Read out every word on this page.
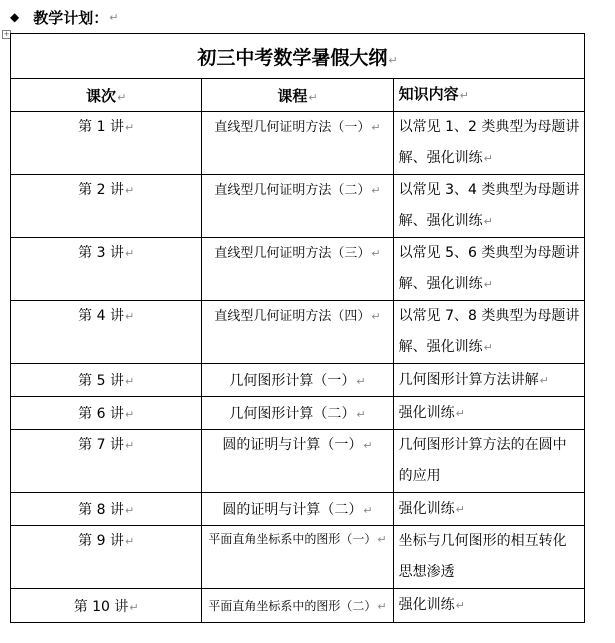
◆ 教学计划： ↵
+
初三中考数学暑假大纲↵		
课次↵	课程↵	知识内容↵
第 1 讲↵	直线型几何证明方法（一）↵	以常见 1、2 类典型为母题讲解、强化训练↵
第 2 讲↵	直线型几何证明方法（二）↵	以常见 3、4 类典型为母题讲解、强化训练↵
第 3 讲↵	直线型几何证明方法（三）↵	以常见 5、6 类典型为母题讲解、强化训练↵
第 4 讲↵	直线型几何证明方法（四）↵	以常见 7、8 类典型为母题讲解、强化训练↵
第 5 讲↵	几何图形计算（一）↵	几何图形计算方法讲解↵
第 6 讲↵	几何图形计算（二）↵	强化训练↵
第 7 讲↵	圆的证明与计算（一）↵	几何图形计算方法的在圆中的应用
第 8 讲↵	圆的证明与计算（二）↵	强化训练↵
第 9 讲↵	平面直角坐标系中的图形（一）↵	坐标与几何图形的相互转化思想渗透
第 10 讲↵	平面直角坐标系中的图形（二）↵	强化训练↵
